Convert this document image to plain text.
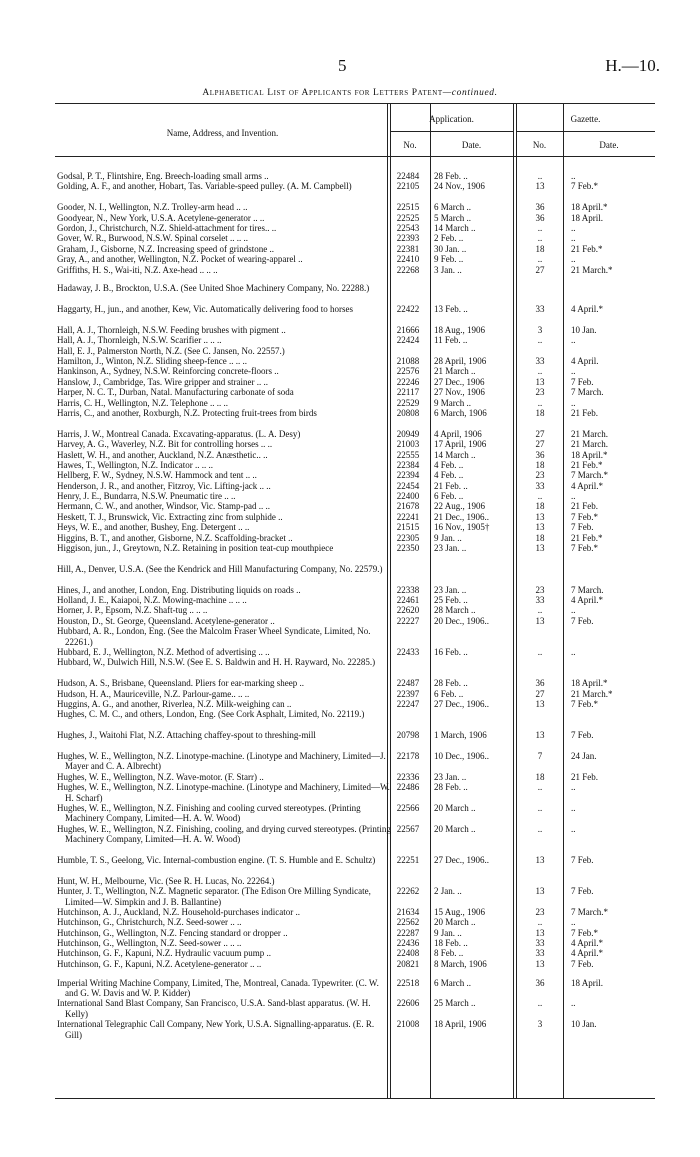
5	H.—10.
Alphabetical List of Applicants for Letters Patent—continued.
Name, Address, and Invention.
Application.	Gazette.
No.	Date.	No.	Date.
Godsal, P. T., Flintshire, Eng. Breech-loading small arms ..	22484	28 Feb. ..	..	..
Golding, A. F., and another, Hobart, Tas. Variable-speed pulley. (A. M. Campbell)	22105	24 Nov., 1906	13	7 Feb.*
Gooder, N. I., Wellington, N.Z. Trolley-arm head .. ..	22515	6 March ..	36	18 April.*
Goodyear, N., New York, U.S.A. Acetylene-generator .. ..	22525	5 March ..	36	18 April.
Gordon, J., Christchurch, N.Z. Shield-attachment for tires.. ..	22543	14 March ..	..	..
Gover, W. R., Burwood, N.S.W. Spinal corselet .. .. ..	22393	2 Feb. ..	..	..
Graham, J., Gisborne, N.Z. Increasing speed of grindstone ..	22381	30 Jan. ..	18	21 Feb.*
Gray, A., and another, Wellington, N.Z. Pocket of wearing-apparel ..	22410	9 Feb. ..	..	..
Griffiths, H. S., Wai-iti, N.Z. Axe-head .. .. ..	22268	3 Jan. ..	27	21 March.*
Hadaway, J. B., Brockton, U.S.A. (See United Shoe Machinery Company, No. 22288.)
Haggarty, H., jun., and another, Kew, Vic. Automatically delivering food to horses	22422	13 Feb. ..	33	4 April.*
Hall, A. J., Thornleigh, N.S.W. Feeding brushes with pigment ..	21666	18 Aug., 1906	3	10 Jan.
Hall, A. J., Thornleigh, N.S.W. Scarifier .. .. ..	22424	11 Feb. ..	..	..
Hall, E. J., Palmerston North, N.Z. (See C. Jansen, No. 22557.)
Hamilton, J., Winton, N.Z. Sliding sheep-fence .. .. ..	21088	28 April, 1906	33	4 April.
Hankinson, A., Sydney, N.S.W. Reinforcing concrete-floors ..	22576	21 March ..	..	..
Hanslow, J., Cambridge, Tas. Wire gripper and strainer .. ..	22246	27 Dec., 1906	13	7 Feb.
Harper, N. C. T., Durban, Natal. Manufacturing carbonate of soda	22117	27 Nov., 1906	23	7 March.
Harris, C. H., Wellington, N.Z. Telephone .. .. ..	22529	9 March ..	..	..
Harris, C., and another, Roxburgh, N.Z. Protecting fruit-trees from birds	20808	6 March, 1906	18	21 Feb.
Harris, J. W., Montreal Canada. Excavating-apparatus. (L. A. Desy)	20949	4 April, 1906	27	21 March.
Harvey, A. G., Waverley, N.Z. Bit for controlling horses .. ..	21003	17 April, 1906	27	21 March.
Haslett, W. H., and another, Auckland, N.Z. Anæsthetic.. ..	22555	14 March ..	36	18 April.*
Hawes, T., Wellington, N.Z. Indicator .. .. ..	22384	4 Feb. ..	18	21 Feb.*
Hellberg, F. W., Sydney, N.S.W. Hammock and tent .. ..	22394	4 Feb. ..	23	7 March.*
Henderson, J. R., and another, Fitzroy, Vic. Lifting-jack .. ..	22454	21 Feb. ..	33	4 April.*
Henry, J. E., Bundarra, N.S.W. Pneumatic tire .. ..	22400	6 Feb. ..	..	..
Hermann, C. W., and another, Windsor, Vic. Stamp-pad .. ..	21678	22 Aug., 1906	18	21 Feb.
Heskett, T. J., Brunswick, Vic. Extracting zinc from sulphide ..	22241	21 Dec., 1906..	13	7 Feb.*
Heys, W. E., and another, Bushey, Eng. Detergent .. ..	21515	16 Nov., 1905†	13	7 Feb.
Higgins, B. T., and another, Gisborne, N.Z. Scaffolding-bracket ..	22305	9 Jan. ..	18	21 Feb.*
Higgison, jun., J., Greytown, N.Z. Retaining in position teat-cup mouthpiece	22350	23 Jan. ..	13	7 Feb.*
Hill, A., Denver, U.S.A. (See the Kendrick and Hill Manufacturing Company, No. 22579.)
Hines, J., and another, London, Eng. Distributing liquids on roads ..	22338	23 Jan. ..	23	7 March.
Holland, J. E., Kaiapoi, N.Z. Mowing-machine .. .. ..	22461	25 Feb. ..	33	4 April.*
Horner, J. P., Epsom, N.Z. Shaft-tug .. .. ..	22620	28 March ..	..	..
Houston, D., St. George, Queensland. Acetylene-generator ..	22227	20 Dec., 1906..	13	7 Feb.
Hubbard, A. R., London, Eng. (See the Malcolm Fraser Wheel Syndicate, Limited, No. 22261.)
Hubbard, E. J., Wellington, N.Z. Method of advertising .. ..	22433	16 Feb. ..	..	..
Hubbard, W., Dulwich Hill, N.S.W. (See E. S. Baldwin and H. H. Rayward, No. 22285.)
Hudson, A. S., Brisbane, Queensland. Pliers for ear-marking sheep ..	22487	28 Feb. ..	36	18 April.*
Hudson, H. A., Mauriceville, N.Z. Parlour-game.. .. ..	22397	6 Feb. ..	27	21 March.*
Huggins, A. G., and another, Riverlea, N.Z. Milk-weighing can ..	22247	27 Dec., 1906..	13	7 Feb.*
Hughes, C. M. C., and others, London, Eng. (See Cork Asphalt, Limited, No. 22119.)
Hughes, J., Waitohi Flat, N.Z. Attaching chaffey-spout to threshing-mill	20798	1 March, 1906	13	7 Feb.
Hughes, W. E., Wellington, N.Z. Linotype-machine. (Linotype and Machinery, Limited—J. Mayer and C. A. Albrecht)
22178	10 Dec., 1906..	7	24 Jan.
Hughes, W. E., Wellington, N.Z. Wave-motor. (F. Starr) ..	22336	23 Jan. ..	18	21 Feb.
Hughes, W. E., Wellington, N.Z. Linotype-machine. (Linotype and Machinery, Limited—W. H. Scharf)
22486	28 Feb. ..	..	..
Hughes, W. E., Wellington, N.Z. Finishing and cooling curved stereotypes. (Printing Machinery Company, Limited—H. A. W. Wood)
22566	20 March ..	..	..
Hughes, W. E., Wellington, N.Z. Finishing, cooling, and drying curved stereotypes. (Printing Machinery Company, Limited—H. A. W. Wood)
22567	20 March ..	..	..
Humble, T. S., Geelong, Vic. Internal-combustion engine. (T. S. Humble and E. Schultz)	22251	27 Dec., 1906..	13	7 Feb.
Hunt, W. H., Melbourne, Vic. (See R. H. Lucas, No. 22264.)
Hunter, J. T., Wellington, N.Z. Magnetic separator. (The Edison Ore Milling Syndicate, Limited—W. Simpkin and J. B. Ballantine)
22262	2 Jan. ..	13	7 Feb.
Hutchinson, A. J., Auckland, N.Z. Household-purchases indicator ..	21634	15 Aug., 1906	23	7 March.*
Hutchinson, G., Christchurch, N.Z. Seed-sower .. ..	22562	20 March ..	..	..
Hutchinson, G., Wellington, N.Z. Fencing standard or dropper ..	22287	9 Jan. ..	13	7 Feb.*
Hutchinson, G., Wellington, N.Z. Seed-sower .. .. ..	22436	18 Feb. ..	33	4 April.*
Hutchinson, G. F., Kapuni, N.Z. Hydraulic vacuum pump ..	22408	8 Feb. ..	33	4 April.*
Hutchinson, G. F., Kapuni, N.Z. Acetylene-generator .. ..	20821	8 March, 1906	13	7 Feb.
Imperial Writing Machine Company, Limited, The, Montreal, Canada. Typewriter. (C. W. and G. W. Davis and W. P. Kidder)
22518	6 March ..	36	18 April.
International Sand Blast Company, San Francisco, U.S.A. Sand-blast apparatus. (W. H. Kelly)
22606	25 March ..	..	..
International Telegraphic Call Company, New York, U.S.A. Signalling-apparatus. (E. R. Gill)
21008	18 April, 1906	3	10 Jan.
